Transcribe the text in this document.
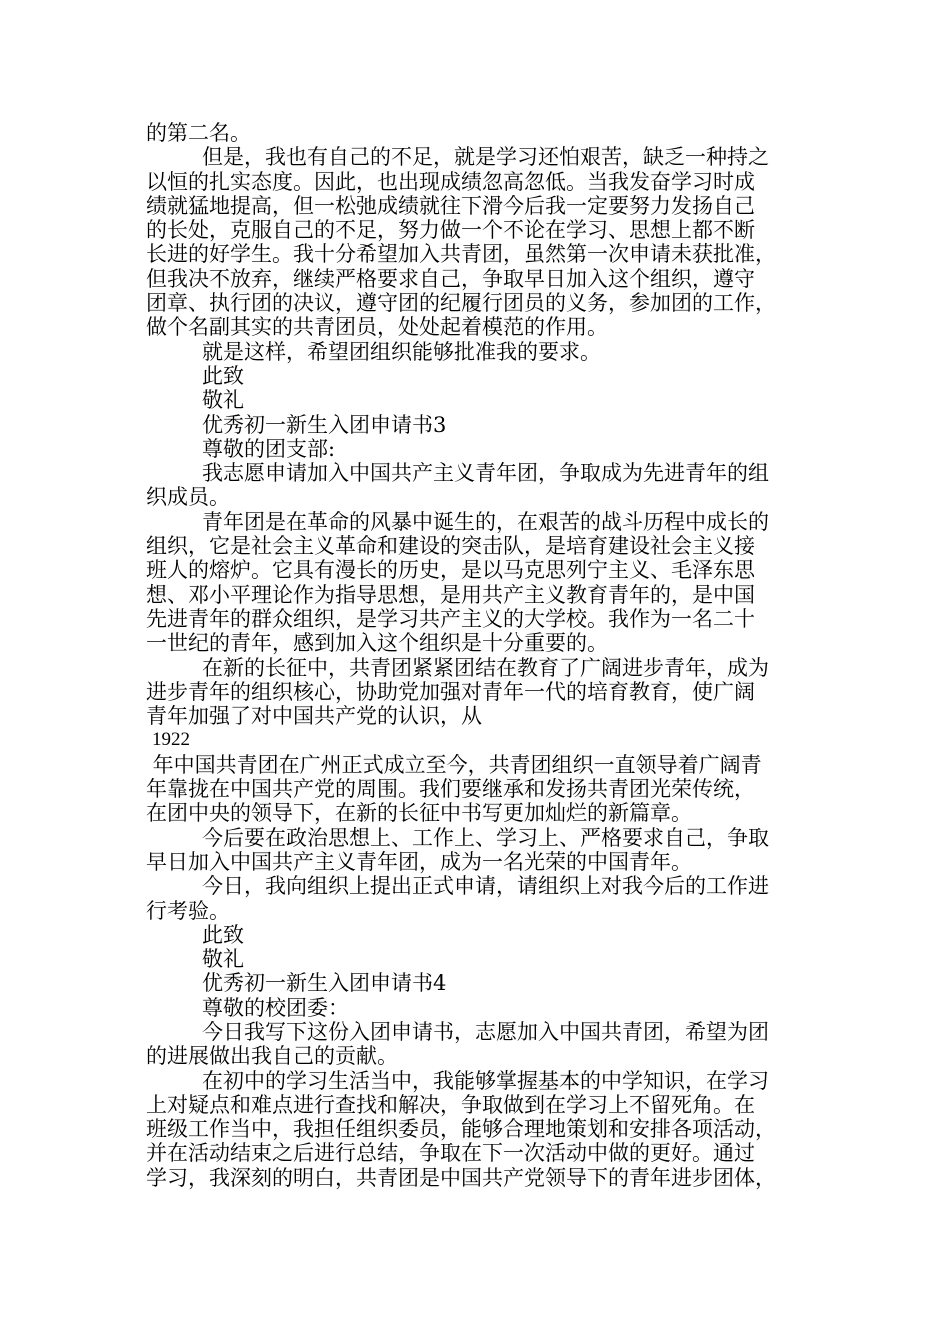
的第二名。
但是，我也有自己的不足，就是学习还怕艰苦，缺乏一种持之
以恒的扎实态度。因此，也出现成绩忽高忽低。当我发奋学习时成
绩就猛地提高，但一松弛成绩就往下滑今后我一定要努力发扬自己
的长处，克服自己的不足，努力做一个不论在学习、思想上都不断
长进的好学生。我十分希望加入共青团，虽然第一次申请未获批准，
但我决不放弃，继续严格要求自己，争取早日加入这个组织，遵守
团章、执行团的决议，遵守团的纪履行团员的义务，参加团的工作，
做个名副其实的共青团员，处处起着模范的作用。
就是这样，希望团组织能够批准我的要求。
此致
敬礼
优秀初一新生入团申请书3
尊敬的团支部:
我志愿申请加入中国共产主义青年团，争取成为先进青年的组
织成员。
青年团是在革命的风暴中诞生的，在艰苦的战斗历程中成长的
组织，它是社会主义革命和建设的突击队，是培育建设社会主义接
班人的熔炉。它具有漫长的历史，是以马克思列宁主义、毛泽东思
想、邓小平理论作为指导思想，是用共产主义教育青年的，是中国
先进青年的群众组织，是学习共产主义的大学校。我作为一名二十
一世纪的青年，感到加入这个组织是十分重要的。
在新的长征中，共青团紧紧团结在教育了广阔进步青年，成为
进步青年的组织核心，协助党加强对青年一代的培育教育，使广阔
青年加强了对中国共产党的认识，从
1922
年中国共青团在广州正式成立至今，共青团组织一直领导着广阔青
年靠拢在中国共产党的周围。我们要继承和发扬共青团光荣传统，
在团中央的领导下，在新的长征中书写更加灿烂的新篇章。
今后要在政治思想上、工作上、学习上、严格要求自己，争取
早日加入中国共产主义青年团，成为一名光荣的中国青年。
今日，我向组织上提出正式申请，请组织上对我今后的工作进
行考验。
此致
敬礼
优秀初一新生入团申请书4
尊敬的校团委：
今日我写下这份入团申请书，志愿加入中国共青团，希望为团
的进展做出我自己的贡献。
在初中的学习生活当中，我能够掌握基本的中学知识，在学习
上对疑点和难点进行查找和解决，争取做到在学习上不留死角。在
班级工作当中，我担任组织委员，能够合理地策划和安排各项活动，
并在活动结束之后进行总结，争取在下一次活动中做的更好。通过
学习，我深刻的明白，共青团是中国共产党领导下的青年进步团体，
